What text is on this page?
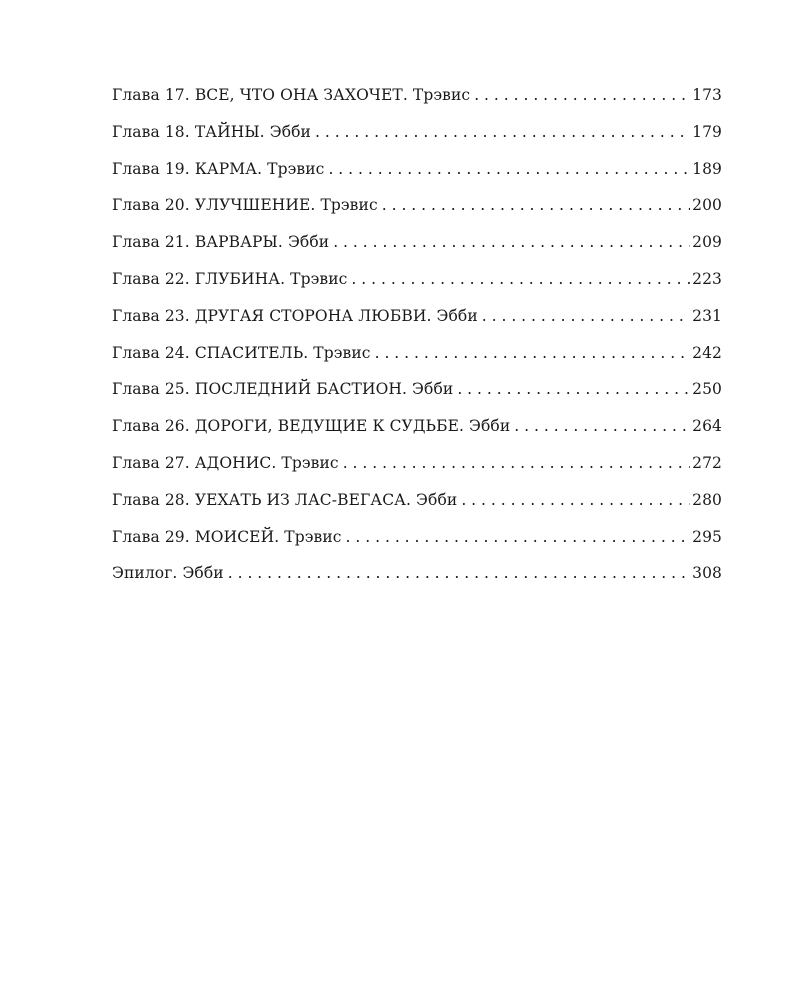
Глава 17. ВСЕ, ЧТО ОНА ЗАХОЧЕТ. Трэвис . . .	173
Глава 18. ТАЙНЫ. Эбби . . .	179
Глава 19. КАРМА. Трэвис . . .	189
Глава 20. УЛУЧШЕНИЕ. Трэвис . . .	200
Глава 21. ВАРВАРЫ. Эбби . . .	209
Глава 22. ГЛУБИНА. Трэвис . . .	223
Глава 23. ДРУГАЯ СТОРОНА ЛЮБВИ. Эбби . . .	231
Глава 24. СПАСИТЕЛЬ. Трэвис . . .	242
Глава 25. ПОСЛЕДНИЙ БАСТИОН. Эбби . . .	250
Глава 26. ДОРОГИ, ВЕДУЩИЕ К СУДЬБЕ. Эбби . . .	264
Глава 27. АДОНИС. Трэвис . . .	272
Глава 28. УЕХАТЬ ИЗ ЛАС-ВЕГАСА. Эбби . . .	280
Глава 29. МОИСЕЙ. Трэвис . . .	295
Эпилог. Эбби . . .	308
